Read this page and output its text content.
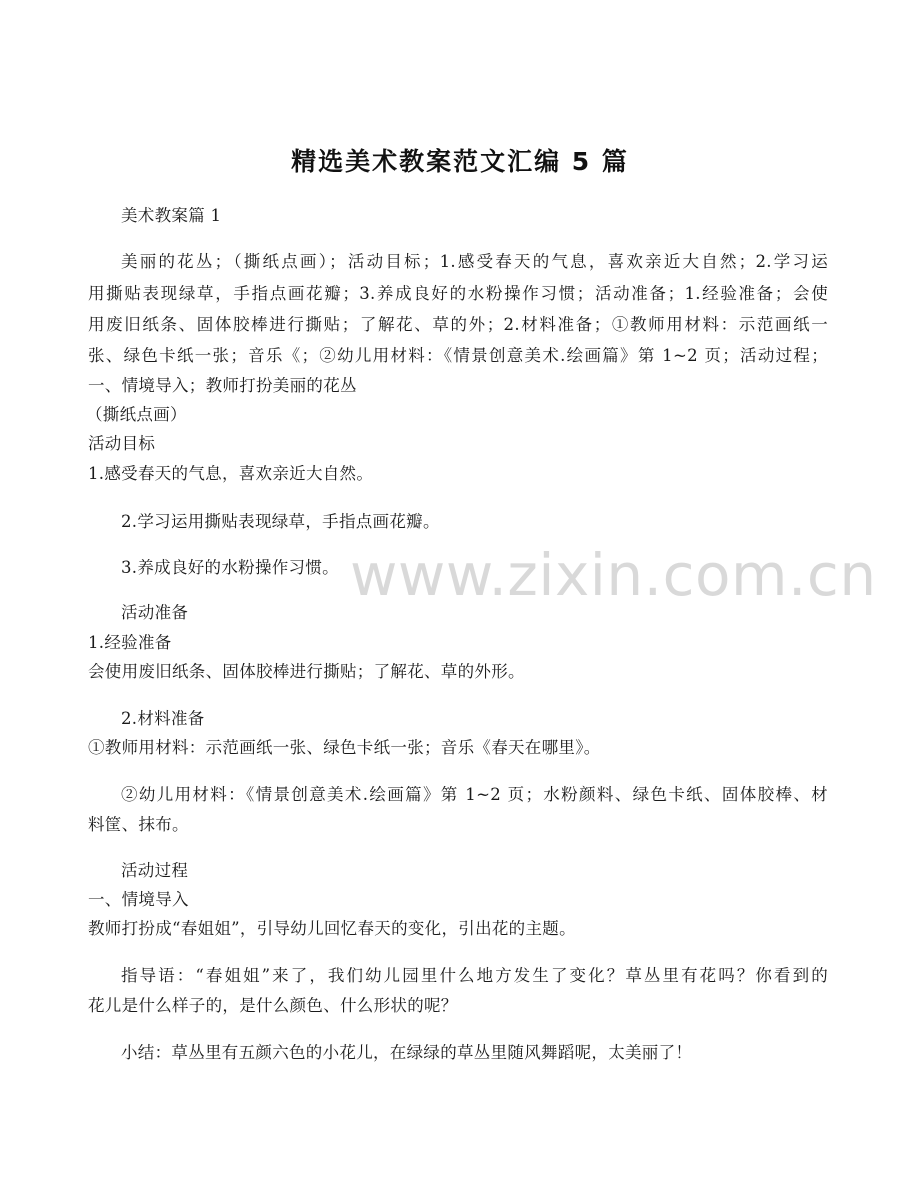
www.zixin.com.cn
精选美术教案范文汇编 5 篇
美术教案篇 1
美丽的花丛；（撕纸点画）；活动目标；1.感受春天的气息，喜欢亲近大自然；2.学习运
用撕贴表现绿草，手指点画花瓣；3.养成良好的水粉操作习惯；活动准备；1.经验准备；会使
用废旧纸条、固体胶棒进行撕贴；了解花、草的外；2.材料准备；①教师用材料：示范画纸一
张、绿色卡纸一张；音乐《；②幼儿用材料：《情景创意美术.绘画篇》第 1~2 页；活动过程；
一、情境导入；教师打扮美丽的花丛
（撕纸点画）
活动目标
1.感受春天的气息，喜欢亲近大自然。
2.学习运用撕贴表现绿草，手指点画花瓣。
3.养成良好的水粉操作习惯。
活动准备
1.经验准备
会使用废旧纸条、固体胶棒进行撕贴；了解花、草的外形。
2.材料准备
①教师用材料：示范画纸一张、绿色卡纸一张；音乐《春天在哪里》。
②幼儿用材料：《情景创意美术.绘画篇》第 1~2 页；水粉颜料、绿色卡纸、固体胶棒、材
料筐、抹布。
活动过程
一、情境导入
教师打扮成“春姐姐”，引导幼儿回忆春天的变化，引出花的主题。
指导语：“春姐姐”来了，我们幼儿园里什么地方发生了变化？草丛里有花吗？你看到的
花儿是什么样子的，是什么颜色、什么形状的呢？
小结：草丛里有五颜六色的小花儿，在绿绿的草丛里随风舞蹈呢，太美丽了！
